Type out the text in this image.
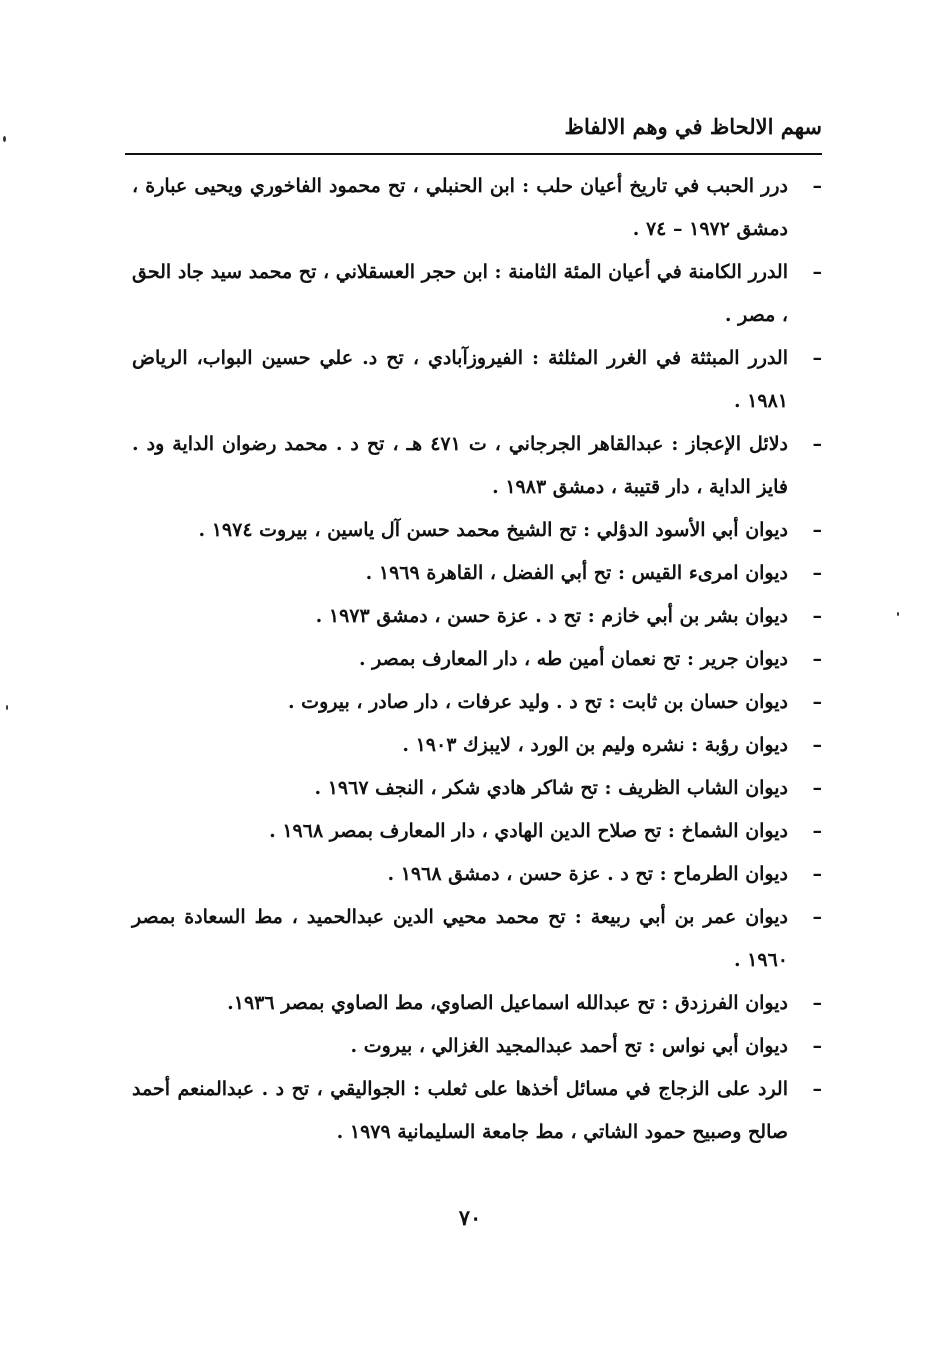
سهم الالحاظ في وهم الالفاظ
–
درر الحبب في تاريخ أعيان حلب : ابن الحنبلي ، تح محمود الفاخوري ويحيى عبارة ، دمشق ١٩٧٢ – ٧٤ .
–
الدرر الكامنة في أعيان المئة الثامنة : ابن حجر العسقلاني ، تح محمد سيد جاد الحق ، مصر .
–
الدرر المبثثة في الغرر المثلثة : الفيروزآبادي ، تح د. علي حسين البواب، الرياض ١٩٨١ .
–
دلائل الإعجاز : عبدالقاهر الجرجاني ، ت ٤٧١ هـ ، تح د . محمد رضوان الداية ود . فايز الداية ، دار قتيبة ، دمشق ١٩٨٣ .
–
ديوان أبي الأسود الدؤلي : تح الشيخ محمد حسن آل ياسين ، بيروت ١٩٧٤ .
–
ديوان امرىء القيس : تح أبي الفضل ، القاهرة ١٩٦٩ .
–
ديوان بشر بن أبي خازم : تح د . عزة حسن ، دمشق ١٩٧٣ .
–
ديوان جرير : تح نعمان أمين طه ، دار المعارف بمصر .
–
ديوان حسان بن ثابت : تح د . وليد عرفات ، دار صادر ، بيروت .
–
ديوان رؤبة : نشره وليم بن الورد ، لايبزك ١٩٠٣ .
–
ديوان الشاب الظريف : تح شاكر هادي شكر ، النجف ١٩٦٧ .
–
ديوان الشماخ : تح صلاح الدين الهادي ، دار المعارف بمصر ١٩٦٨ .
–
ديوان الطرماح : تح د . عزة حسن ، دمشق ١٩٦٨ .
–
ديوان عمر بن أبي ربيعة : تح محمد محيي الدين عبدالحميد ، مط السعادة بمصر ١٩٦٠ .
–
ديوان الفرزدق : تح عبدالله اسماعيل الصاوي، مط الصاوي بمصر ١٩٣٦.
–
ديوان أبي نواس : تح أحمد عبدالمجيد الغزالي ، بيروت .
–
الرد على الزجاج في مسائل أخذها على ثعلب : الجواليقي ، تح د . عبدالمنعم أحمد صالح وصبيح حمود الشاتي ، مط جامعة السليمانية ١٩٧٩ .
٧٠
